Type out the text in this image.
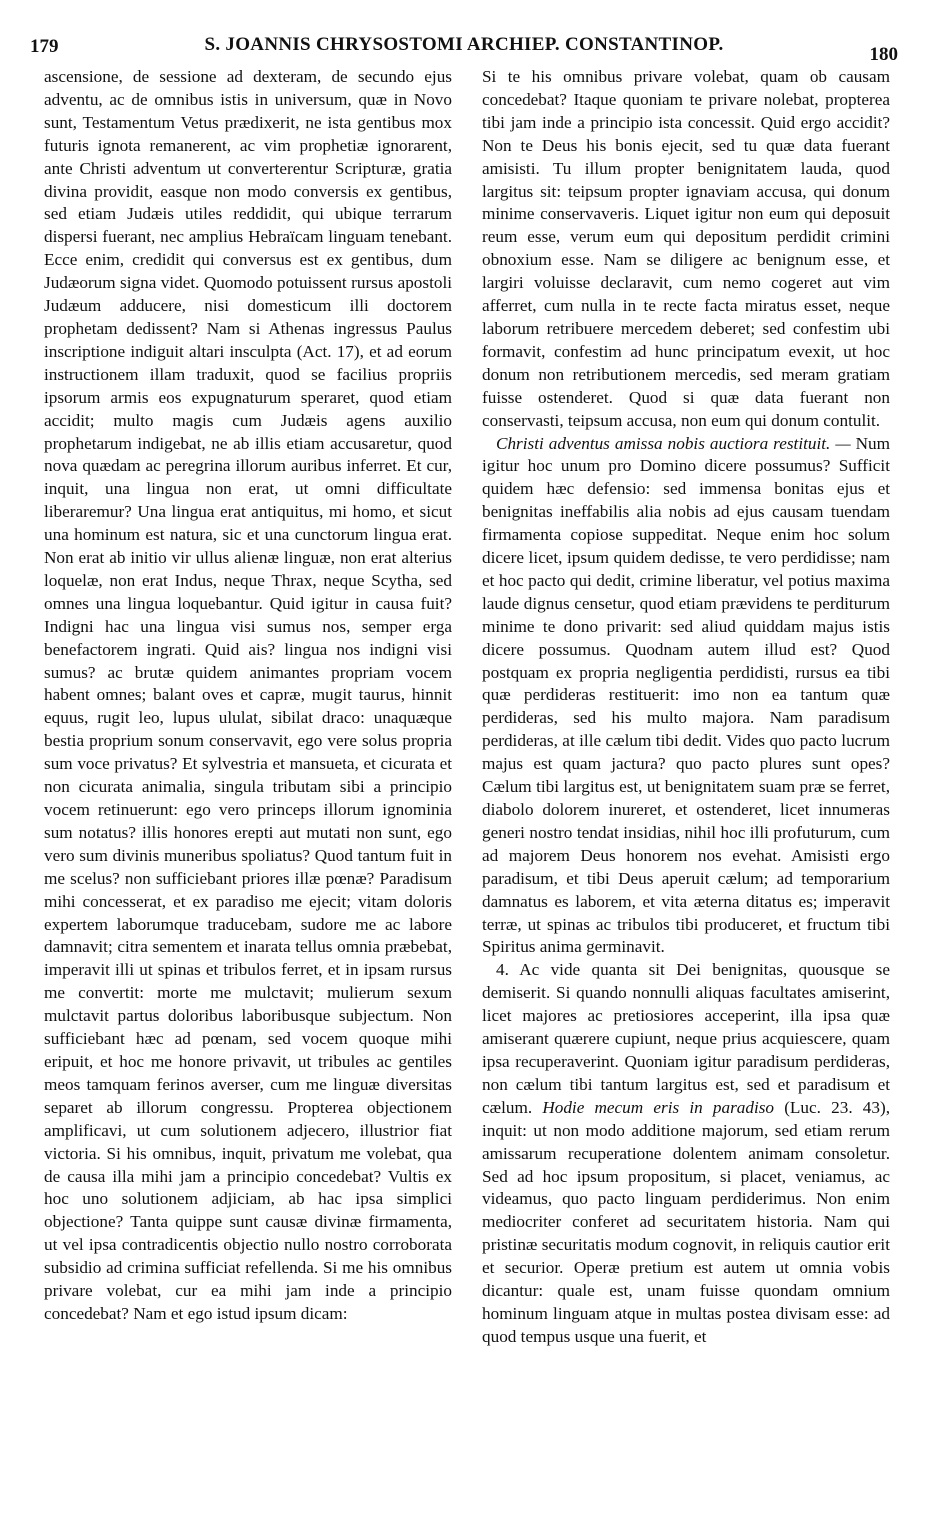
179	S. JOANNIS CHRYSOSTOMI ARCHIEP. CONSTANTINOP.	180

ascensione, de sessione ad dexteram, de secundo ejus adventu, ac de omnibus istis in universum, quæ in Novo sunt, Testamentum Vetus prædixerit, ne ista gentibus mox futuris ignota remanerent, ac vim prophetiæ ignorarent, ante Christi adventum ut converterentur Scripturæ, gratia divina providit, easque non modo conversis ex gentibus, sed etiam Judæis utiles reddidit, qui ubique terrarum dispersi fuerant, nec amplius Hebraïcam linguam tenebant. Ecce enim, credidit qui conversus est ex gentibus, dum Judæorum signa videt. Quomodo potuissent rursus apostoli Judæum adducere, nisi domesticum illi doctorem prophetam dedissent? Nam si Athenas ingressus Paulus inscriptione indiguit altari insculpta (Act. 17), et ad eorum instructionem illam traduxit, quod se facilius propriis ipsorum armis eos expugnaturum speraret, quod etiam accidit; multo magis cum Judæis agens auxilio prophetarum indigebat, ne ab illis etiam accusaretur, quod nova quædam ac peregrina illorum auribus inferret. Et cur, inquit, una lingua non erat, ut omni difficultate liberaremur? Una lingua erat antiquitus, mi homo, et sicut una hominum est natura, sic et una cunctorum lingua erat. Non erat ab initio vir ullus alienæ linguæ, non erat alterius loquelæ, non erat Indus, neque Thrax, neque Scytha, sed omnes una lingua loquebantur. Quid igitur in causa fuit? Indigni hac una lingua visi sumus nos, semper erga benefactorem ingrati. Quid ais? lingua nos indigni visi sumus? ac brutæ quidem animantes propriam vocem habent omnes; balant oves et capræ, mugit taurus, hinnit equus, rugit leo, lupus ululat, sibilat draco: unaquæque bestia proprium sonum conservavit, ego vere solus propria sum voce privatus? Et sylvestria et mansueta, et cicurata et non cicurata animalia, singula tributam sibi a principio vocem retinuerunt: ego vero princeps illorum ignominia sum notatus? illis honores erepti aut mutati non sunt, ego vero sum divinis muneribus spoliatus? Quod tantum fuit in me scelus? non sufficiebant priores illæ pœnæ? Paradisum mihi concesserat, et ex paradiso me ejecit; vitam doloris expertem laborumque traducebam, sudore me ac labore damnavit; citra sementem et inarata tellus omnia præbebat, imperavit illi ut spinas et tribulos ferret, et in ipsam rursus me convertit: morte me mulctavit; mulierum sexum mulctavit partus doloribus laboribusque subjectum. Non sufficiebant hæc ad pœnam, sed vocem quoque mihi eripuit, et hoc me honore privavit, ut tribules ac gentiles meos tamquam ferinos averser, cum me linguæ diversitas separet ab illorum congressu. Propterea objectionem amplificavi, ut cum solutionem adjecero, illustrior fiat victoria. Si his omnibus, inquit, privatum me volebat, qua de causa illa mihi jam a principio concedebat? Vultis ex hoc uno solutionem adjiciam, ab hac ipsa simplici objectione? Tanta quippe sunt causæ divinæ firmamenta, ut vel ipsa contradicentis objectio nullo nostro corroborata subsidio ad crimina sufficiat refellenda. Si me his omnibus privare volebat, cur ea mihi jam inde a principio concedebat? Nam et ego istud ipsum dicam:

Si te his omnibus privare volebat, quam ob causam concedebat? Itaque quoniam te privare nolebat, propterea tibi jam inde a principio ista concessit. Quid ergo accidit? Non te Deus his bonis ejecit, sed tu quæ data fuerant amisisti. Tu illum propter benignitatem lauda, quod largitus sit: teipsum propter ignaviam accusa, qui donum minime conservaveris. Liquet igitur non eum qui deposuit reum esse, verum eum qui depositum perdidit crimini obnoxium esse. Nam se diligere ac benignum esse, et largiri voluisse declaravit, cum nemo cogeret aut vim afferret, cum nulla in te recte facta miratus esset, neque laborum retribuere mercedem deberet; sed confestim ubi formavit, confestim ad hunc principatum evexit, ut hoc donum non retributionem mercedis, sed meram gratiam fuisse ostenderet. Quod si quæ data fuerant non conservasti, teipsum accusa, non eum qui donum contulit.

Christi adventus amissa nobis auctiora restituit. — Num igitur hoc unum pro Domino dicere possumus? Sufficit quidem hæc defensio: sed immensa bonitas ejus et benignitas ineffabilis alia nobis ad ejus causam tuendam firmamenta copiose suppeditat. Neque enim hoc solum dicere licet, ipsum quidem dedisse, te vero perdidisse; nam et hoc pacto qui dedit, crimine liberatur, vel potius maxima laude dignus censetur, quod etiam prævidens te perditurum minime te dono privarit: sed aliud quiddam majus istis dicere possumus. Quodnam autem illud est? Quod postquam ex propria negligentia perdidisti, rursus ea tibi quæ perdideras restituerit: imo non ea tantum quæ perdideras, sed his multo majora. Nam paradisum perdideras, at ille cælum tibi dedit. Vides quo pacto lucrum majus est quam jactura? quo pacto plures sunt opes? Cælum tibi largitus est, ut benignitatem suam præ se ferret, diabolo dolorem inureret, et ostenderet, licet innumeras generi nostro tendat insidias, nihil hoc illi profuturum, cum ad majorem Deus honorem nos evehat. Amisisti ergo paradisum, et tibi Deus aperuit cælum; ad temporarium damnatus es laborem, et vita æterna ditatus es; imperavit terræ, ut spinas ac tribulos tibi produceret, et fructum tibi Spiritus anima germinavit.

4. Ac vide quanta sit Dei benignitas, quousque se demiserit. Si quando nonnulli aliquas facultates amiserint, licet majores ac pretiosiores acceperint, illa ipsa quæ amiserant quærere cupiunt, neque prius acquiescere, quam ipsa recuperaverint. Quoniam igitur paradisum perdideras, non cælum tibi tantum largitus est, sed et paradisum et cælum. Hodie mecum eris in paradiso (Luc. 23. 43), inquit: ut non modo additione majorum, sed etiam rerum amissarum recuperatione dolentem animam consoletur. Sed ad hoc ipsum propositum, si placet, veniamus, ac videamus, quo pacto linguam perdiderimus. Non enim mediocriter conferet ad securitatem historia. Nam qui pristinæ securitatis modum cognovit, in reliquis cautior erit et securior. Operæ pretium est autem ut omnia vobis dicantur: quale est, unam fuisse quondam omnium hominum linguam atque in multas postea divisam esse: ad quod tempus usque una fuerit, et
